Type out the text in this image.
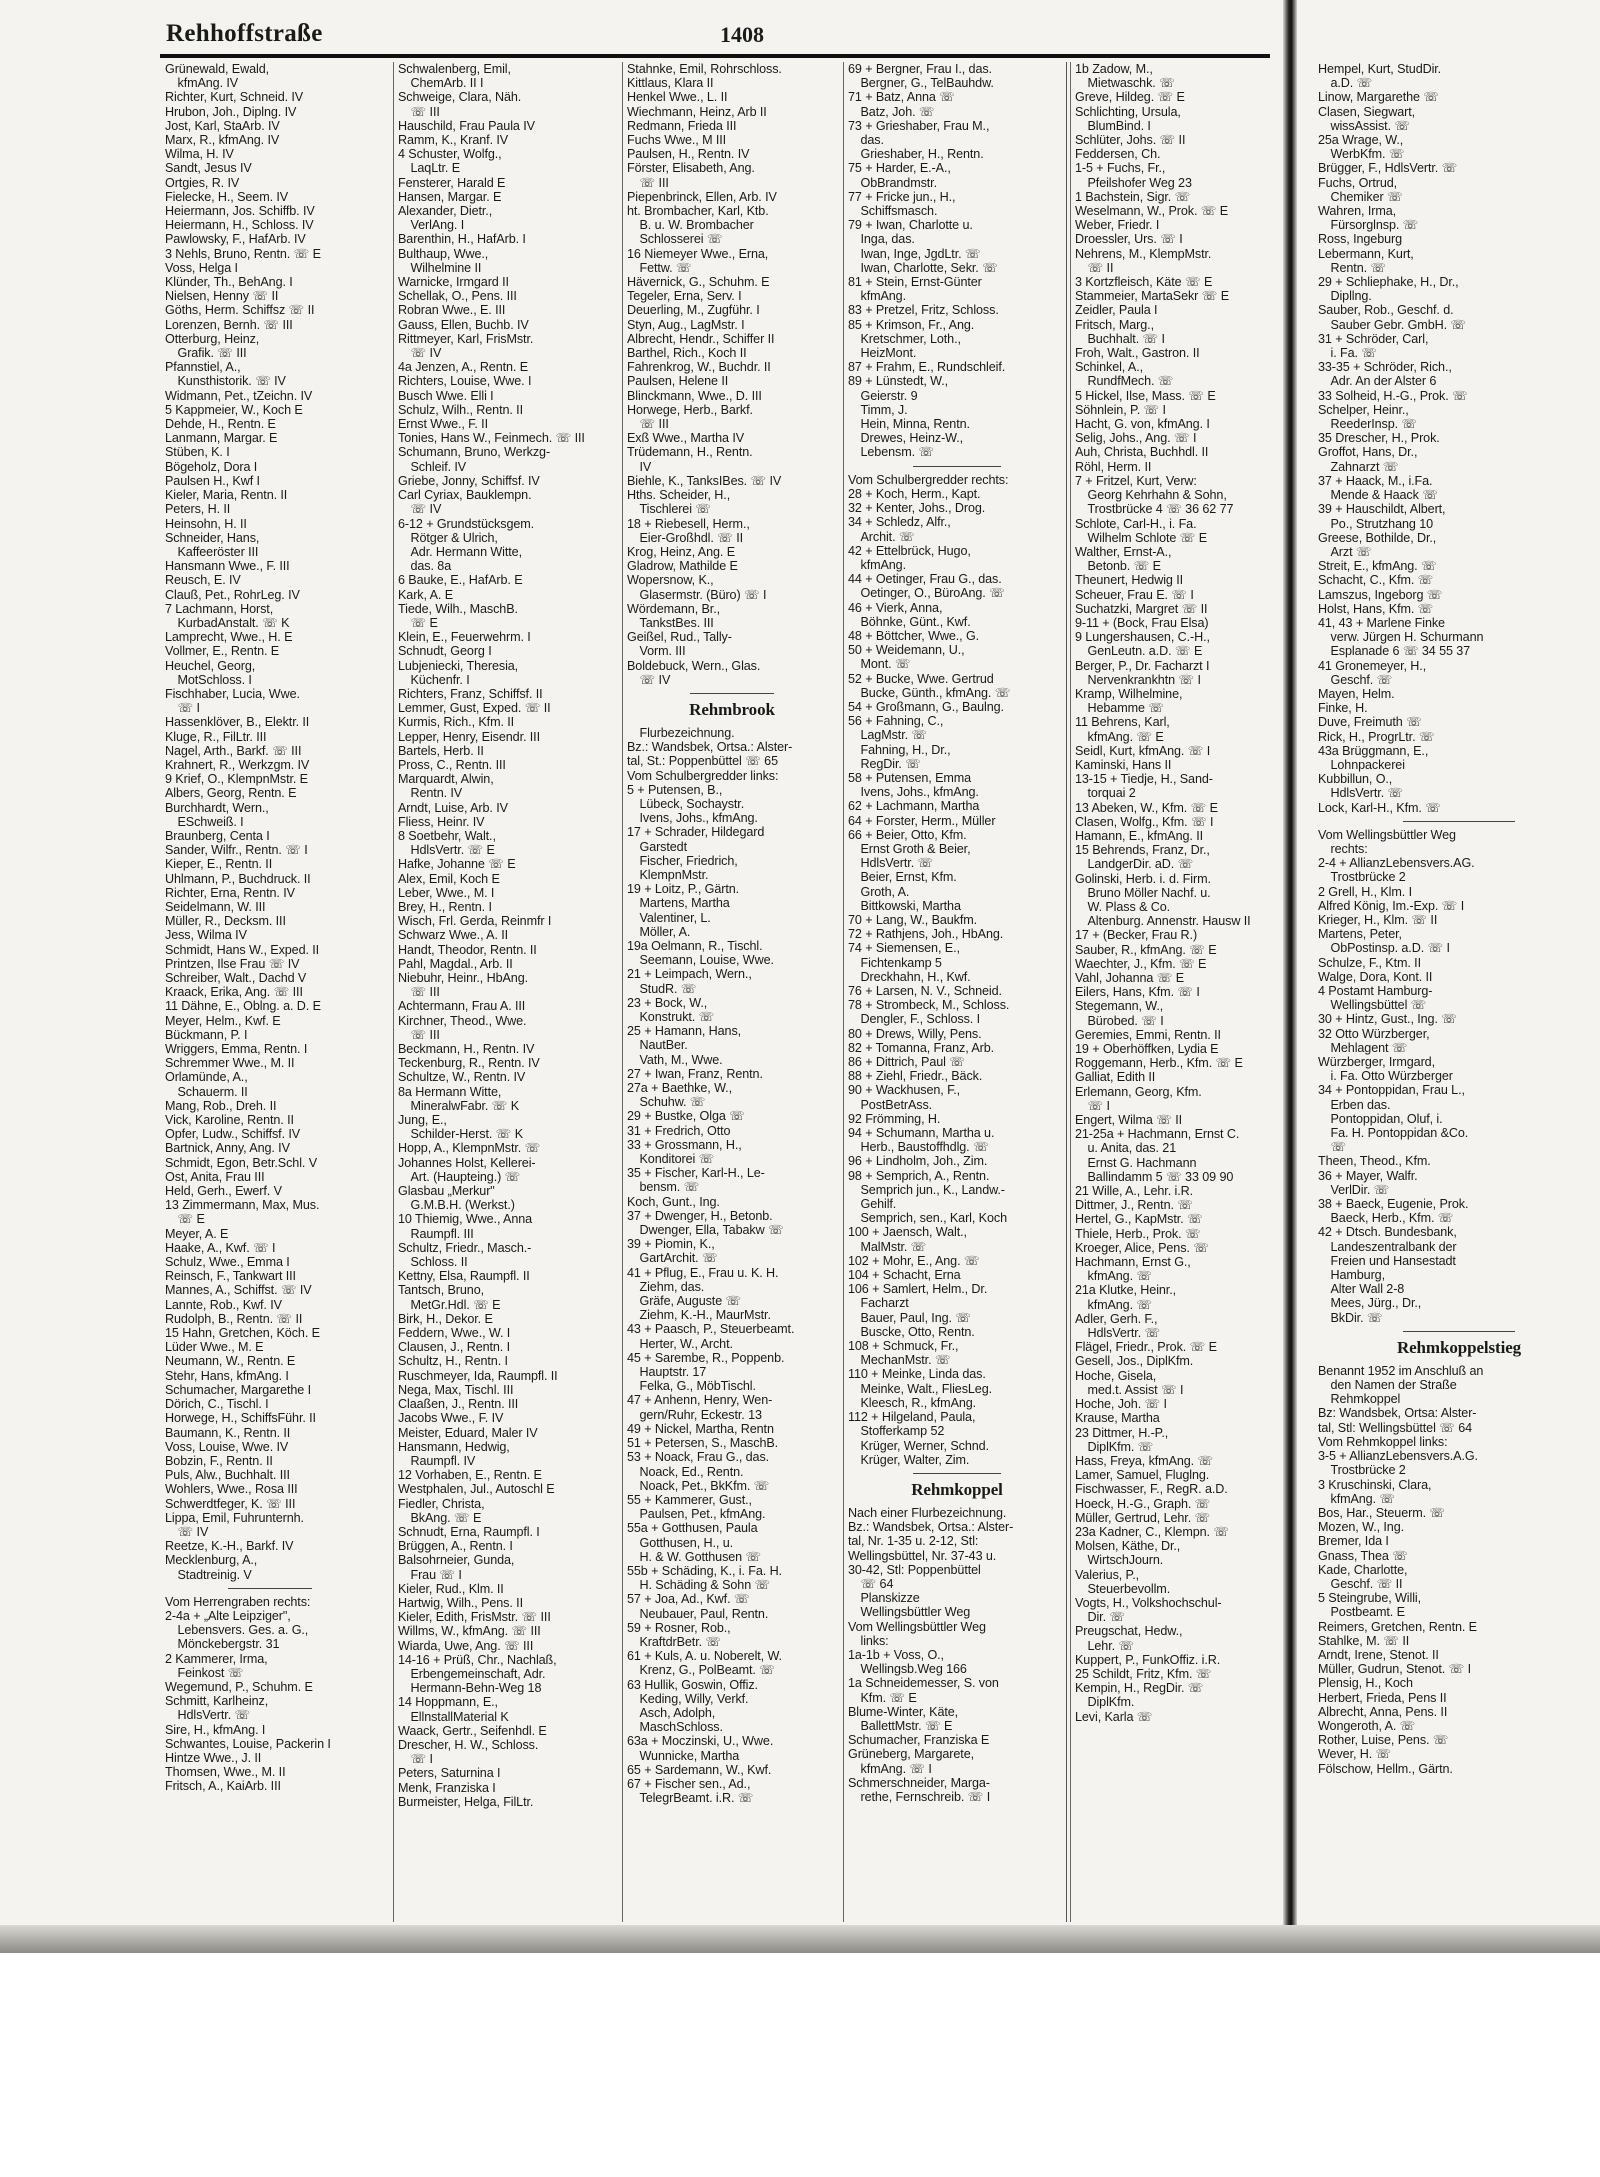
Rehhoffstraße	1408
Grünewald, Ewald,
 kfmAng. IV
Richter, Kurt, Schneid. IV
Hrubon, Joh., Diplng. IV
Jost, Karl, StaArb. IV
Marx, R., kfmAng. IV
Wilma, H. IV
Sandt, Jesus IV
Ortgies, R. IV
Fielecke, H., Seem. IV
Heiermann, Jos. Schiffb. IV
Heiermann, H., Schloss. IV
Pawlowsky, F., HafArb. IV
3 Nehls, Bruno, Rentn. ☏ E
Voss, Helga I
Klünder, Th., BehAng. I
Nielsen, Henny ☏ II
Göths, Herm. Schiffsz ☏ II
Lorenzen, Bernh. ☏ III
Otterburg, Heinz,
 Grafik. ☏ III
Pfannstiel, A.,
 Kunsthistorik. ☏ IV
Widmann, Pet., tZeichn. IV
5 Kappmeier, W., Koch E
Dehde, H., Rentn. E
Lanmann, Margar. E
Stüben, K. I
Bögeholz, Dora I
Paulsen H., Kwf I
Kieler, Maria, Rentn. II
Peters, H. II
Heinsohn, H. II
Schneider, Hans,
 Kaffeeröster III
Hansmann Wwe., F. III
Reusch, E. IV
Clauß, Pet., RohrLeg. IV
7 Lachmann, Horst,
 KurbadAnstalt. ☏ K
Lamprecht, Wwe., H. E
Vollmer, E., Rentn. E
Heuchel, Georg,
 MotSchloss. I
Fischhaber, Lucia, Wwe.
 ☏ I
Hassenklöver, B., Elektr. II
Kluge, R., FilLtr. III
Nagel, Arth., Barkf. ☏ III
Krahnert, R., Werkzgm. IV
9 Krief, O., KlempnMstr. E
Albers, Georg, Rentn. E
Burchhardt, Wern.,
 ESchweiß. I
Braunberg, Centa I
Sander, Wilfr., Rentn. ☏ I
Kieper, E., Rentn. II
Uhlmann, P., Buchdruck. II
Richter, Erna, Rentn. IV
Seidelmann, W. III
Müller, R., Decksm. III
Jess, Wilma IV
Schmidt, Hans W., Exped. II
Printzen, Ilse Frau ☏ IV
Schreiber, Walt., Dachd V
Kraack, Erika, Ang. ☏ III
11 Dähne, E., Oblng. a. D. E
Meyer, Helm., Kwf. E
Bückmann, P. I
Wriggers, Emma, Rentn. I
Schremmer Wwe., M. II
Orlamünde, A.,
 Schauerm. II
Mang, Rob., Dreh. II
Vick, Karoline, Rentn. II
Opfer, Ludw., Schiffsf. IV
Bartnick, Anny, Ang. IV
Schmidt, Egon, Betr.Schl. V
Ost, Anita, Frau III
Held, Gerh., Ewerf. V
13 Zimmermann, Max, Mus.
 ☏ E
Meyer, A. E
Haake, A., Kwf. ☏ I
Schulz, Wwe., Emma I
Reinsch, F., Tankwart III
Mannes, A., Schiffst. ☏ IV
Lannte, Rob., Kwf. IV
Rudolph, B., Rentn. ☏ II
15 Hahn, Gretchen, Köch. E
Lüder Wwe., M. E
Neumann, W., Rentn. E
Stehr, Hans, kfmAng. I
Schumacher, Margarethe I
Dörich, C., Tischl. I
Horwege, H., SchiffsFühr. II
Baumann, K., Rentn. II
Voss, Louise, Wwe. IV
Bobzin, F., Rentn. II
Puls, Alw., Buchhalt. III
Wohlers, Wwe., Rosa III
Schwerdtfeger, K. ☏ III
Lippa, Emil, Fuhrunternh.
 ☏ IV
Reetze, K.-H., Barkf. IV
Mecklenburg, A.,
 Stadtreinig. V
Vom Herrengraben rechts:
2-4a + „Alte Leipziger",
 Lebensvers. Ges. a. G.,
 Mönckebergstr. 31
2 Kammerer, Irma,
 Feinkost ☏
Wegemund, P., Schuhm. E
Schmitt, Karlheinz,
 HdlsVertr. ☏
Sire, H., kfmAng. I
Schwantes, Louise, Packerin I
Hintze Wwe., J. II
Thomsen, Wwe., M. II
Fritsch, A., KaiArb. III
Schwalenberg, Emil,
 ChemArb. II I
Schweige, Clara, Näh.
 ☏ III
Hauschild, Frau Paula IV
Ramm, K., Kranf. IV
4 Schuster, Wolfg.,
 LaqLtr. E
Fensterer, Harald E
Hansen, Margar. E
Alexander, Dietr.,
 VerlAng. I
Barenthin, H., HafArb. I
Bulthaup, Wwe.,
 Wilhelmine II
Warnicke, Irmgard II
Schellak, O., Pens. III
Robran Wwe., E. III
Gauss, Ellen, Buchb. IV
Rittmeyer, Karl, FrisMstr.
 ☏ IV
4a Jenzen, A., Rentn. E
Richters, Louise, Wwe. I
Busch Wwe. Elli I
Schulz, Wilh., Rentn. II
Ernst Wwe., F. II
Tonies, Hans W., Feinmech. ☏ III
Schumann, Bruno, Werkzg-
 Schleif. IV
Griebe, Jonny, Schiffsf. IV
Carl Cyriax, Bauklempn.
 ☏ IV
6-12 + Grundstücksgem.
 Rötger & Ulrich,
 Adr. Hermann Witte,
 das. 8a
6 Bauke, E., HafArb. E
Kark, A. E
Tiede, Wilh., MaschB.
 ☏ E
Klein, E., Feuerwehrm. I
Schnudt, Georg I
Lubjeniecki, Theresia,
 Küchenfr. I
Richters, Franz, Schiffsf. II
Lemmer, Gust, Exped. ☏ II
Kurmis, Rich., Kfm. II
Lepper, Henry, Eisendr. III
Bartels, Herb. II
Pross, C., Rentn. III
Marquardt, Alwin,
 Rentn. IV
Arndt, Luise, Arb. IV
Fliess, Heinr. IV
8 Soetbehr, Walt.,
 HdlsVertr. ☏ E
Hafke, Johanne ☏ E
Alex, Emil, Koch E
Leber, Wwe., M. I
Brey, H., Rentn. I
Wisch, Frl. Gerda, Reinmfr I
Schwarz Wwe., A. II
Handt, Theodor, Rentn. II
Pahl, Magdal., Arb. II
Niebuhr, Heinr., HbAng.
 ☏ III
Achtermann, Frau A. III
Kirchner, Theod., Wwe.
 ☏ III
Beckmann, H., Rentn. IV
Teckenburg, R., Rentn. IV
Schultze, W., Rentn. IV
8a Hermann Witte,
 MineralwFabr. ☏ K
Jung, E.,
 Schilder-Herst. ☏ K
Hopp, A., KlempnMstr. ☏
Johannes Holst, Kellerei-
 Art. (Haupteing.) ☏
Glasbau „Merkur"
 G.M.B.H. (Werkst.)
10 Thiemig, Wwe., Anna
 Raumpfl. III
Schultz, Friedr., Masch.-
 Schloss. II
Kettny, Elsa, Raumpfl. II
Tantsch, Bruno,
 MetGr.Hdl. ☏ E
Birk, H., Dekor. E
Feddern, Wwe., W. I
Clausen, J., Rentn. I
Schultz, H., Rentn. I
Ruschmeyer, Ida, Raumpfl. II
Nega, Max, Tischl. III
Claaßen, J., Rentn. III
Jacobs Wwe., F. IV
Meister, Eduard, Maler IV
Hansmann, Hedwig,
 Raumpfl. IV
12 Vorhaben, E., Rentn. E
Westphalen, Jul., Autoschl E
Fiedler, Christa,
 BkAng. ☏ E
Schnudt, Erna, Raumpfl. I
Brüggen, A., Rentn. I
Balsohrneier, Gunda,
 Frau ☏ I
Kieler, Rud., Klm. II
Hartwig, Wilh., Pens. II
Kieler, Edith, FrisMstr. ☏ III
Willms, W., kfmAng. ☏ III
Wiarda, Uwe, Ang. ☏ III
14-16 + Prüß, Chr., Nachlaß,
 Erbengemeinschaft, Adr.
 Hermann-Behn-Weg 18
14 Hoppmann, E.,
 EllnstallMaterial K
Waack, Gertr., Seifenhdl. E
Drescher, H. W., Schloss.
 ☏ I
Peters, Saturnina I
Menk, Franziska I
Burmeister, Helga, FilLtr.
Stahnke, Emil, Rohrschloss.
Kittlaus, Klara II
Henkel Wwe., L. II
Wiechmann, Heinz, Arb II
Redmann, Frieda III
Fuchs Wwe., M III
Paulsen, H., Rentn. IV
Förster, Elisabeth, Ang.
 ☏ III
Piepenbrinck, Ellen, Arb. IV
ht. Brombacher, Karl, Ktb.
 B. u. W. Brombacher
 Schlosserei ☏
16 Niemeyer Wwe., Erna,
 Fettw. ☏
Hävernick, G., Schuhm. E
Tegeler, Erna, Serv. I
Deuerling, M., Zugführ. I
Styn, Aug., LagMstr. I
Albrecht, Hendr., Schiffer II
Barthel, Rich., Koch II
Fahrenkrog, W., Buchdr. II
Paulsen, Helene II
Blinckmann, Wwe., D. III
Horwege, Herb., Barkf.
 ☏ III
Exß Wwe., Martha IV
Trüdemann, H., Rentn.
 IV
Biehle, K., TanksIBes. ☏ IV
Hths. Scheider, H.,
 Tischlerei ☏
18 + Riebesell, Herm.,
 Eier-Großhdl. ☏ II
Krog, Heinz, Ang. E
Gladrow, Mathilde E
Wopersnow, K.,
 Glasermstr. (Büro) ☏ I
Wördemann, Br.,
 TankstBes. III
Geißel, Rud., Tally-
 Vorm. III
Boldebuck, Wern., Glas.
 ☏ IV
Rehmbrook
 Flurbezeichnung.
Bz.: Wandsbek, Ortsa.: Alster-
tal, St.: Poppenbüttel ☏ 65
Vom Schulbergredder links:
5 + Putensen, B.,
 Lübeck, Sochaystr.
 Ivens, Johs., kfmAng.
17 + Schrader, Hildegard
 Garstedt
 Fischer, Friedrich,
 KlempnMstr.
19 + Loitz, P., Gärtn.
 Martens, Martha
 Valentiner, L.
 Möller, A.
19a Oelmann, R., Tischl.
 Seemann, Louise, Wwe.
21 + Leimpach, Wern.,
 StudR. ☏
23 + Bock, W.,
 Konstrukt. ☏
25 + Hamann, Hans,
 NautBer.
 Vath, M., Wwe.
27 + Iwan, Franz, Rentn.
27a + Baethke, W.,
 Schuhw. ☏
29 + Bustke, Olga ☏
31 + Fredrich, Otto
33 + Grossmann, H.,
 Konditorei ☏
35 + Fischer, Karl-H., Le-
 bensm. ☏
Koch, Gunt., Ing.
37 + Dwenger, H., Betonb.
 Dwenger, Ella, Tabakw ☏
39 + Piomin, K.,
 GartArchit. ☏
41 + Pflug, E., Frau u. K. H.
 Ziehm, das.
 Gräfe, Auguste ☏
 Ziehm, K.-H., MaurMstr.
43 + Paasch, P., Steuerbeamt.
 Herter, W., Archt.
45 + Sarembe, R., Poppenb.
 Hauptstr. 17
 Felka, G., MöbTischl.
47 + Anhenn, Henry, Wen-
 gern/Ruhr, Eckestr. 13
49 + Nickel, Martha, Rentn
51 + Petersen, S., MaschB.
53 + Noack, Frau G., das.
 Noack, Ed., Rentn.
 Noack, Pet., BkKfm. ☏
55 + Kammerer, Gust.,
 Paulsen, Pet., kfmAng.
55a + Gotthusen, Paula
 Gotthusen, H., u.
 H. & W. Gotthusen ☏
55b + Schäding, K., i. Fa. H.
 H. Schäding & Sohn ☏
57 + Joa, Ad., Kwf. ☏
 Neubauer, Paul, Rentn.
59 + Rosner, Rob.,
 KraftdrBetr. ☏
61 + Kuls, A. u. Noberelt, W.
 Krenz, G., PolBeamt. ☏
63 Hullik, Goswin, Offiz.
 Keding, Willy, Verkf.
 Asch, Adolph,
 MaschSchloss.
63a + Moczinski, U., Wwe.
 Wunnicke, Martha
65 + Sardemann, W., Kwf.
67 + Fischer sen., Ad.,
 TelegrBeamt. i.R. ☏
69 + Bergner, Frau I., das.
 Bergner, G., TelBauhdw.
71 + Batz, Anna ☏
 Batz, Joh. ☏
73 + Grieshaber, Frau M.,
 das.
 Grieshaber, H., Rentn.
75 + Harder, E.-A.,
 ObBrandmstr.
77 + Fricke jun., H.,
 Schiffsmasch.
79 + Iwan, Charlotte u.
 Inga, das.
 Iwan, Inge, JgdLtr. ☏
 Iwan, Charlotte, Sekr. ☏
81 + Stein, Ernst-Günter
 kfmAng.
83 + Pretzel, Fritz, Schloss.
85 + Krimson, Fr., Ang.
 Kretschmer, Loth.,
 HeizMont.
87 + Frahm, E., Rundschleif.
89 + Lünstedt, W.,
 Geierstr. 9
 Timm, J.
 Hein, Minna, Rentn.
 Drewes, Heinz-W.,
 Lebensm. ☏
Vom Schulbergredder rechts:
28 + Koch, Herm., Kapt.
32 + Kenter, Johs., Drog.
34 + Schledz, Alfr.,
 Archit. ☏
42 + Ettelbrück, Hugo,
 kfmAng.
44 + Oetinger, Frau G., das.
 Oetinger, O., BüroAng. ☏
46 + Vierk, Anna,
 Böhnke, Günt., Kwf.
48 + Böttcher, Wwe., G.
50 + Weidemann, U.,
 Mont. ☏
52 + Bucke, Wwe. Gertrud
 Bucke, Günth., kfmAng. ☏
54 + Großmann, G., Baulng.
56 + Fahning, C.,
 LagMstr. ☏
 Fahning, H., Dr.,
 RegDir. ☏
58 + Putensen, Emma
 Ivens, Johs., kfmAng.
62 + Lachmann, Martha
64 + Forster, Herm., Müller
66 + Beier, Otto, Kfm.
 Ernst Groth & Beier,
 HdlsVertr. ☏
 Beier, Ernst, Kfm.
 Groth, A.
 Bittkowski, Martha
70 + Lang, W., Baukfm.
72 + Rathjens, Joh., HbAng.
74 + Siemensen, E.,
 Fichtenkamp 5
 Dreckhahn, H., Kwf.
76 + Larsen, N. V., Schneid.
78 + Strombeck, M., Schloss.
 Dengler, F., Schloss. I
80 + Drews, Willy, Pens.
82 + Tomanna, Franz, Arb.
86 + Dittrich, Paul ☏
88 + Ziehl, Friedr., Bäck.
90 + Wackhusen, F.,
 PostBetrAss.
92 Frömming, H.
94 + Schumann, Martha u.
 Herb., Baustoffhdlg. ☏
96 + Lindholm, Joh., Zim.
98 + Semprich, A., Rentn.
 Semprich jun., K., Landw.-
 Gehilf.
 Semprich, sen., Karl, Koch
100 + Jaensch, Walt.,
 MalMstr. ☏
102 + Mohr, E., Ang. ☏
104 + Schacht, Erna
106 + Samlert, Helm., Dr.
 Facharzt
 Bauer, Paul, Ing. ☏
 Buscke, Otto, Rentn.
108 + Schmuck, Fr.,
 MechanMstr. ☏
110 + Meinke, Linda das.
 Meinke, Walt., FliesLeg.
 Kleesch, R., kfmAng.
112 + Hilgeland, Paula,
 Stofferkamp 52
 Krüger, Werner, Schnd.
 Krüger, Walter, Zim.
Rehmkoppel
Nach einer Flurbezeichnung.
Bz.: Wandsbek, Ortsa.: Alster-
tal, Nr. 1-35 u. 2-12, Stl:
Wellingsbüttel, Nr. 37-43 u.
30-42, Stl: Poppenbüttel
 ☏ 64
 Planskizze
 Wellingsbüttler Weg
Vom Wellingsbüttler Weg
 links:
1a-1b + Voss, O.,
 Wellingsb.Weg 166
1a Schneidemesser, S. von
 Kfm. ☏ E
Blume-Winter, Käte,
 BallettMstr. ☏ E
Schumacher, Franziska E
Grüneberg, Margarete,
 kfmAng. ☏ I
Schmerschneider, Marga-
 rethe, Fernschreib. ☏ I
1b Zadow, M.,
 Mietwaschk. ☏
Greve, Hildeg. ☏ E
Schlichting, Ursula,
 BlumBind. I
Schlüter, Johs. ☏ II
Feddersen, Ch.
1-5 + Fuchs, Fr.,
 Pfeilshofer Weg 23
1 Bachstein, Sigr. ☏
Weselmann, W., Prok. ☏ E
Weber, Friedr. I
Droessler, Urs. ☏ I
Nehrens, M., KlempMstr.
 ☏ II
3 Kortzfleisch, Käte ☏ E
Stammeier, MartaSekr ☏ E
Zeidler, Paula I
Fritsch, Marg.,
 Buchhalt. ☏ I
Froh, Walt., Gastron. II
Schinkel, A.,
 RundfMech. ☏
5 Hickel, Ilse, Mass. ☏ E
Söhnlein, P. ☏ I
Hacht, G. von, kfmAng. I
Selig, Johs., Ang. ☏ I
Auh, Christa, Buchhdl. II
Röhl, Herm. II
7 + Fritzel, Kurt, Verw:
 Georg Kehrhahn & Sohn,
 Trostbrücke 4 ☏ 36 62 77
Schlote, Carl-H., i. Fa.
 Wilhelm Schlote ☏ E
Walther, Ernst-A.,
 Betonb. ☏ E
Theunert, Hedwig II
Scheuer, Frau E. ☏ I
Suchatzki, Margret ☏ II
9-11 + (Bock, Frau Elsa)
9 Lungershausen, C.-H.,
 GenLeutn. a.D. ☏ E
Berger, P., Dr. Facharzt I
 Nervenkrankhtn ☏ I
Kramp, Wilhelmine,
 Hebamme ☏
11 Behrens, Karl,
 kfmAng. ☏ E
Seidl, Kurt, kfmAng. ☏ I
Kaminski, Hans II
13-15 + Tiedje, H., Sand-
 torquai 2
13 Abeken, W., Kfm. ☏ E
Clasen, Wolfg., Kfm. ☏ I
Hamann, E., kfmAng. II
15 Behrends, Franz, Dr.,
 LandgerDir. aD. ☏
Golinski, Herb. i. d. Firm.
 Bruno Möller Nachf. u.
 W. Plass & Co.
 Altenburg. Annenstr. Hausw II
17 + (Becker, Frau R.)
Sauber, R., kfmAng. ☏ E
Waechter, J., Kfm. ☏ E
Vahl, Johanna ☏ E
Eilers, Hans, Kfm. ☏ I
Stegemann, W.,
 Bürobed. ☏ I
Geremies, Emmi, Rentn. II
19 + Oberhöffken, Lydia E
Roggemann, Herb., Kfm. ☏ E
Galliat, Edith II
Erlemann, Georg, Kfm.
 ☏ I
Engert, Wilma ☏ II
21-25a + Hachmann, Ernst C.
 u. Anita, das. 21
 Ernst G. Hachmann
 Ballindamm 5 ☏ 33 09 90
21 Wille, A., Lehr. i.R.
Dittmer, J., Rentn. ☏
Hertel, G., KapMstr. ☏
Thiele, Herb., Prok. ☏
Kroeger, Alice, Pens. ☏
Hachmann, Ernst G.,
 kfmAng. ☏
21a Klutke, Heinr.,
 kfmAng. ☏
Adler, Gerh. F.,
 HdlsVertr. ☏
Flägel, Friedr., Prok. ☏ E
Gesell, Jos., DiplKfm.
Hoche, Gisela,
 med.t. Assist ☏ I
Hoche, Joh. ☏ I
Krause, Martha
23 Dittmer, H.-P.,
 DiplKfm. ☏
Hass, Freya, kfmAng. ☏
Lamer, Samuel, Fluglng.
Fischwasser, F., RegR. a.D.
Hoeck, H.-G., Graph. ☏
Müller, Gertrud, Lehr. ☏
23a Kadner, C., Klempn. ☏
Molsen, Käthe, Dr.,
 WirtschJourn.
Valerius, P.,
 Steuerbevollm.
Vogts, H., Volkshochschul-
 Dir. ☏
Preugschat, Hedw.,
 Lehr. ☏
Kuppert, P., FunkOffiz. i.R.
25 Schildt, Fritz, Kfm. ☏
Kempin, H., RegDir. ☏
 DiplKfm.
Levi, Karla ☏
Hempel, Kurt, StudDir.
 a.D. ☏
Linow, Margarethe ☏
Clasen, Siegwart,
 wissAssist. ☏
25a Wrage, W.,
 WerbKfm. ☏
Brügger, F., HdlsVertr. ☏
Fuchs, Ortrud,
 Chemiker ☏
Wahren, Irma,
 Fürsorglnsp. ☏
Ross, Ingeburg
Lebermann, Kurt,
 Rentn. ☏
29 + Schliephake, H., Dr.,
 Dipllng.
Sauber, Rob., Geschf. d.
 Sauber Gebr. GmbH. ☏
31 + Schröder, Carl,
 i. Fa. ☏
33-35 + Schröder, Rich.,
 Adr. An der Alster 6
33 Solheid, H.-G., Prok. ☏
Schelper, Heinr.,
 ReederInsp. ☏
35 Drescher, H., Prok.
Groffot, Hans, Dr.,
 Zahnarzt ☏
37 + Haack, M., i.Fa.
 Mende & Haack ☏
39 + Hauschildt, Albert,
 Po., Strutzhang 10
Greese, Bothilde, Dr.,
 Arzt ☏
Streit, E., kfmAng. ☏
Schacht, C., Kfm. ☏
Lamszus, Ingeborg ☏
Holst, Hans, Kfm. ☏
41, 43 + Marlene Finke
 verw. Jürgen H. Schurmann
 Esplanade 6 ☏ 34 55 37
41 Gronemeyer, H.,
 Geschf. ☏
Mayen, Helm.
Finke, H.
Duve, Freimuth ☏
Rick, H., ProgrLtr. ☏
43a Brüggmann, E.,
 Lohnpackerei
Kubbillun, O.,
 HdlsVertr. ☏
Lock, Karl-H., Kfm. ☏
Vom Wellingsbüttler Weg
 rechts:
2-4 + AllianzLebensvers.AG.
 Trostbrücke 2
2 Grell, H., Klm. I
Alfred König, Im.-Exp. ☏ I
Krieger, H., Klm. ☏ II
Martens, Peter,
 ObPostinsp. a.D. ☏ I
Schulze, F., Ktm. II
Walge, Dora, Kont. II
4 Postamt Hamburg-
 Wellingsbüttel ☏
30 + Hintz, Gust., Ing. ☏
32 Otto Würzberger,
 Mehlagent ☏
Würzberger, Irmgard,
 i. Fa. Otto Würzberger
34 + Pontoppidan, Frau L.,
 Erben das.
 Pontoppidan, Oluf, i.
 Fa. H. Pontoppidan &Co.
 ☏
Theen, Theod., Kfm.
36 + Mayer, Walfr.
 VerlDir. ☏
38 + Baeck, Eugenie, Prok.
 Baeck, Herb., Kfm. ☏
42 + Dtsch. Bundesbank,
 Landeszentralbank der
 Freien und Hansestadt
 Hamburg,
 Alter Wall 2-8
 Mees, Jürg., Dr.,
 BkDir. ☏
Rehmkoppelstieg
Benannt 1952 im Anschluß an
 den Namen der Straße
 Rehmkoppel
Bz: Wandsbek, Ortsa: Alster-
tal, Stl: Wellingsbüttel ☏ 64
Vom Rehmkoppel links:
3-5 + AllianzLebensvers.A.G.
 Trostbrücke 2
3 Kruschinski, Clara,
 kfmAng. ☏
Bos, Har., Steuerm. ☏
Mozen, W., Ing.
Bremer, Ida I
Gnass, Thea ☏
Kade, Charlotte,
 Geschf. ☏ II
5 Steingrube, Willi,
 Postbeamt. E
Reimers, Gretchen, Rentn. E
Stahlke, M. ☏ II
Arndt, Irene, Stenot. II
Müller, Gudrun, Stenot. ☏ I
Plensig, H., Koch
Herbert, Frieda, Pens II
Albrecht, Anna, Pens. II
Wongeroth, A. ☏
Rother, Luise, Pens. ☏
Wever, H. ☏
Fölschow, Hellm., Gärtn.
